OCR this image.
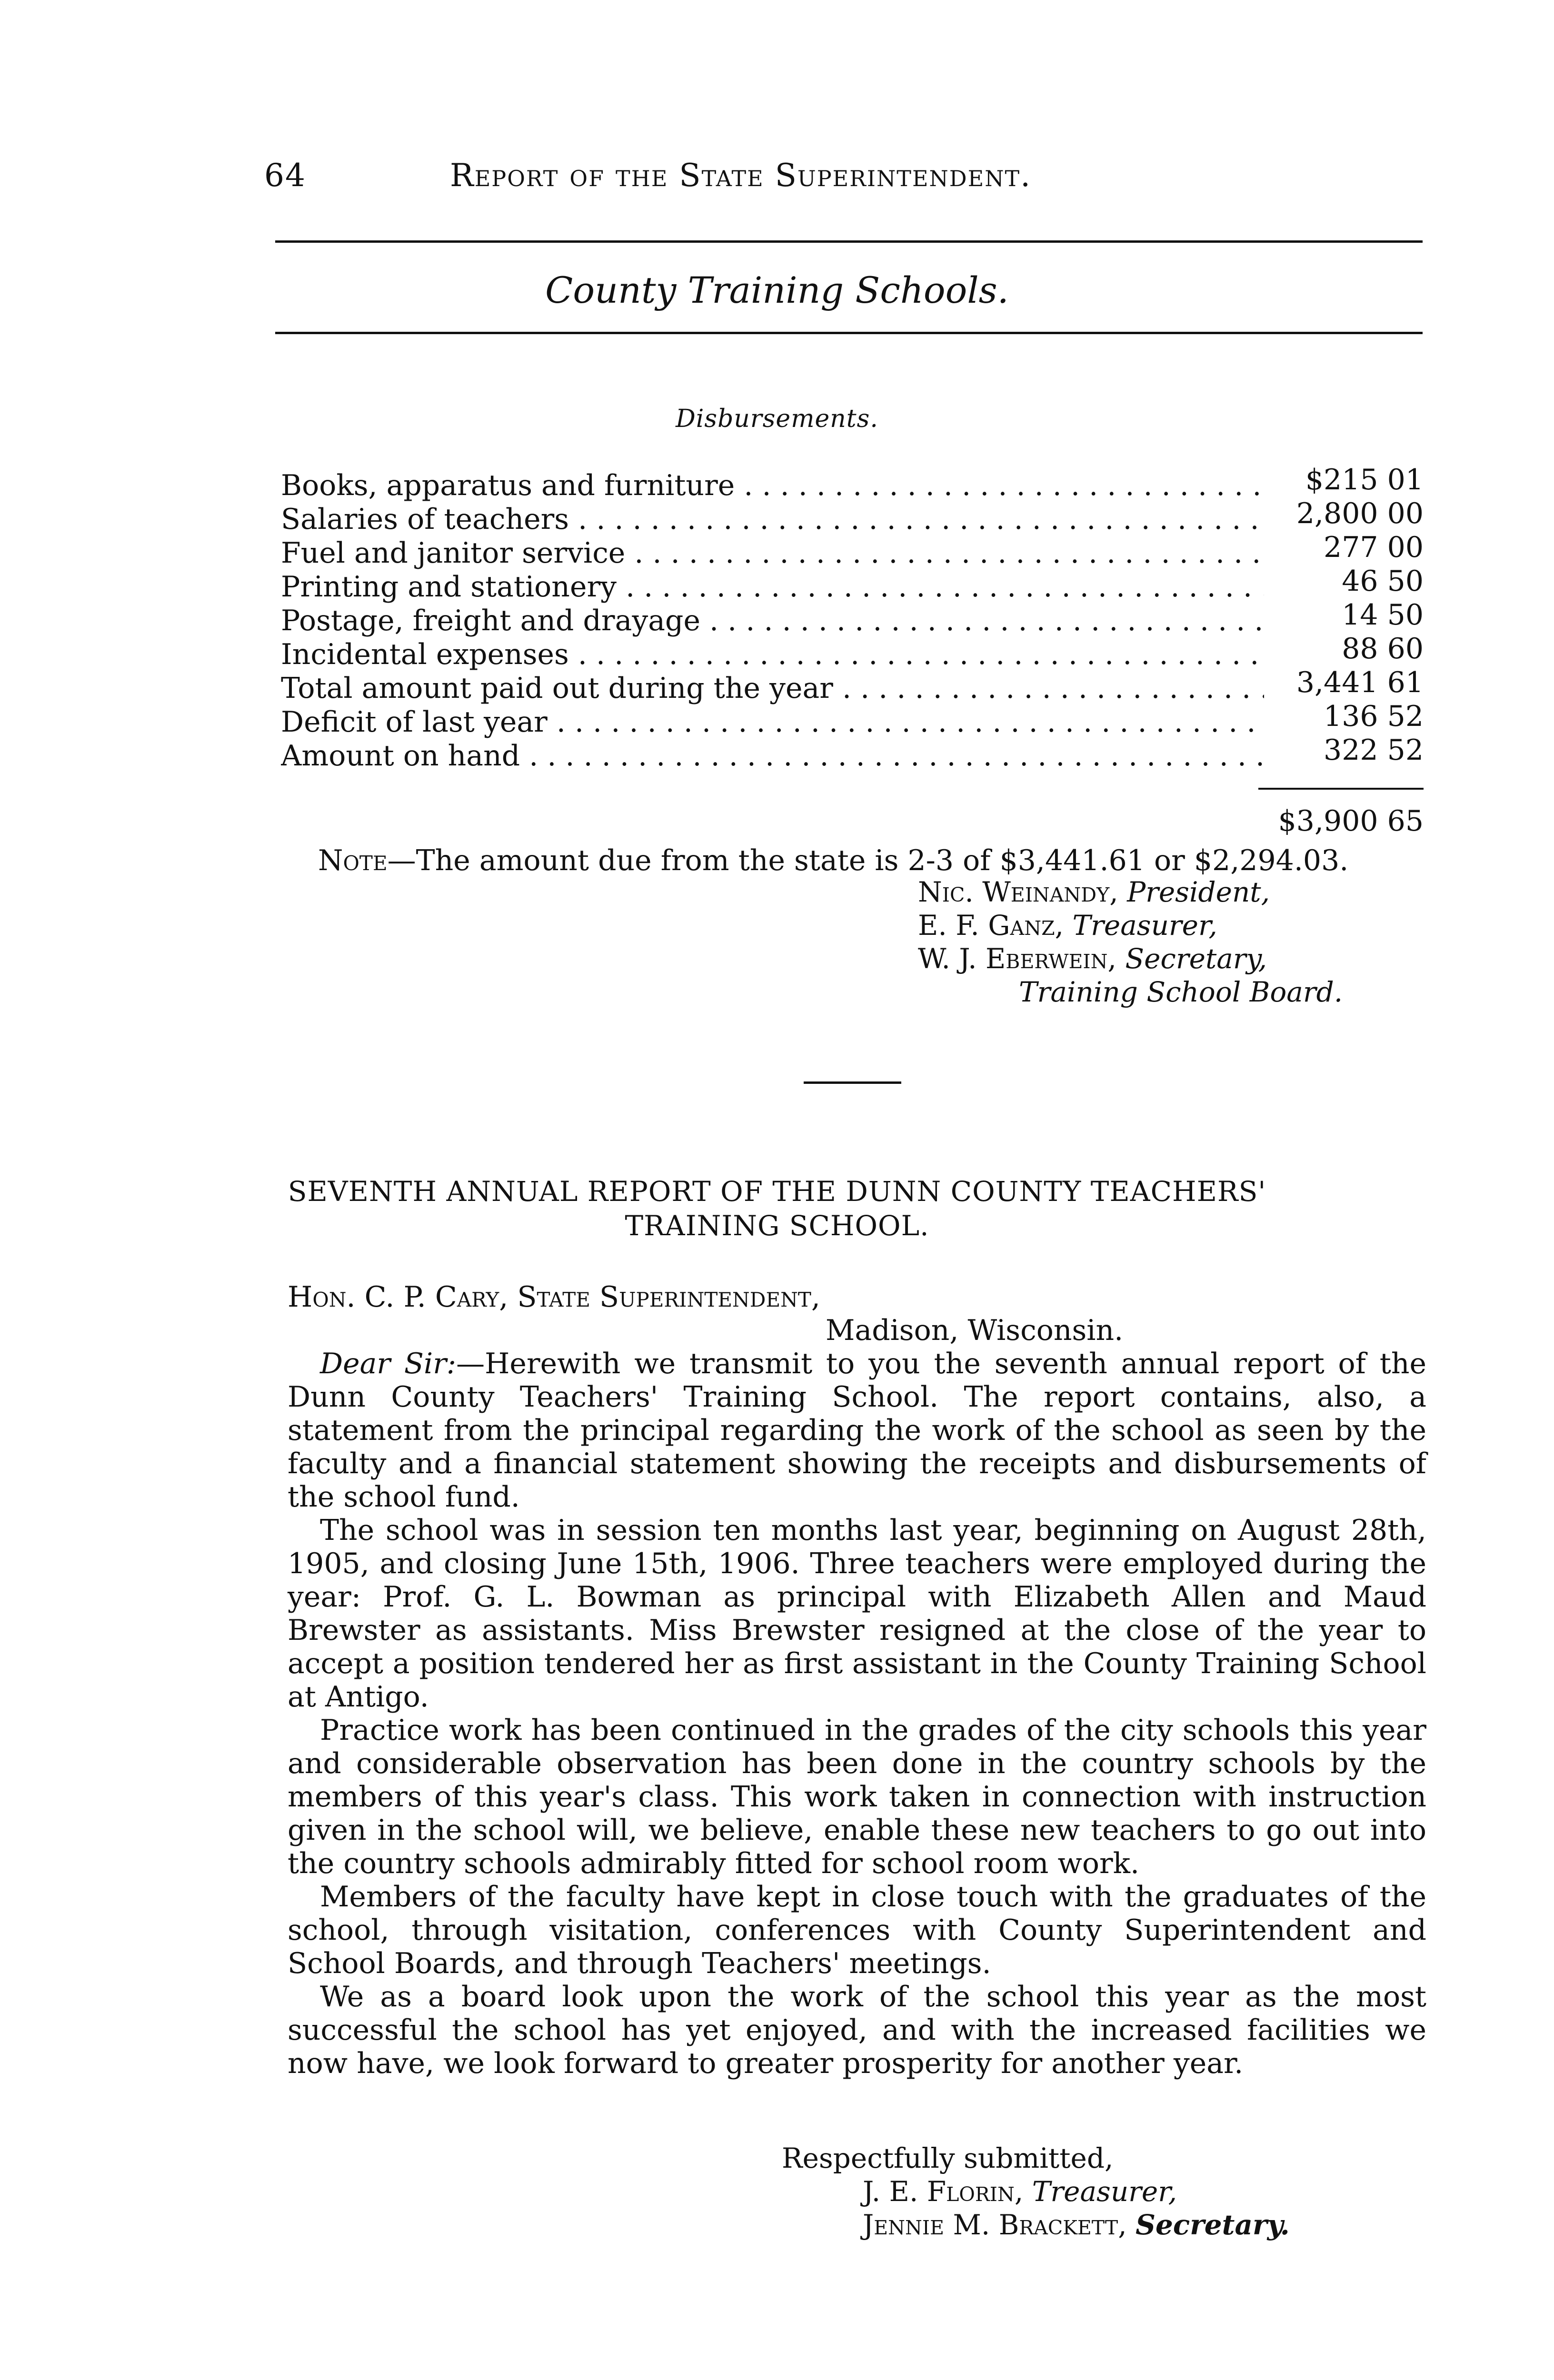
64	Report of the State Superintendent.
County Training Schools.
Disbursements.
Books, apparatus and furniture . . .	$215 01
Salaries of teachers . . .	2,800 00
Fuel and janitor service . . .	277 00
Printing and stationery . . .	46 50
Postage, freight and drayage . . .	14 50
Incidental expenses . . .	88 60
Total amount paid out during the year . . .	3,441 61
Deficit of last year . . .	136 52
Amount on hand . . .	322 52
$3,900 65
Note—The amount due from the state is 2-3 of $3,441.61 or $2,294.03.
Nic. Weinandy, President,
E. F. Ganz, Treasurer,
W. J. Eberwein, Secretary,
Training School Board.
SEVENTH ANNUAL REPORT OF THE DUNN COUNTY TEACHERS'
TRAINING SCHOOL.

Hon. C. P. Cary, State Superintendent,

Madison, Wisconsin.

Dear Sir:—Herewith we transmit to you the seventh annual report of the Dunn County Teachers' Training School. The report contains, also, a statement from the principal regarding the work of the school as seen by the faculty and a financial statement showing the receipts and disbursements of the school fund.

The school was in session ten months last year, beginning on August 28th, 1905, and closing June 15th, 1906. Three teachers were employed during the year: Prof. G. L. Bowman as principal with Elizabeth Allen and Maud Brewster as assistants. Miss Brewster resigned at the close of the year to accept a position tendered her as first assistant in the County Training School at Antigo.

Practice work has been continued in the grades of the city schools this year and considerable observation has been done in the country schools by the members of this year's class. This work taken in connection with instruction given in the school will, we believe, enable these new teachers to go out into the country schools admirably fitted for school room work.

Members of the faculty have kept in close touch with the graduates of the school, through visitation, conferences with County Superintendent and School Boards, and through Teachers' meetings.

We as a board look upon the work of the school this year as the most successful the school has yet enjoyed, and with the increased facilities we now have, we look forward to greater prosperity for another year.

Respectfully submitted,
J. E. Florin, Treasurer,
Jennie M. Brackett, Secretary.
